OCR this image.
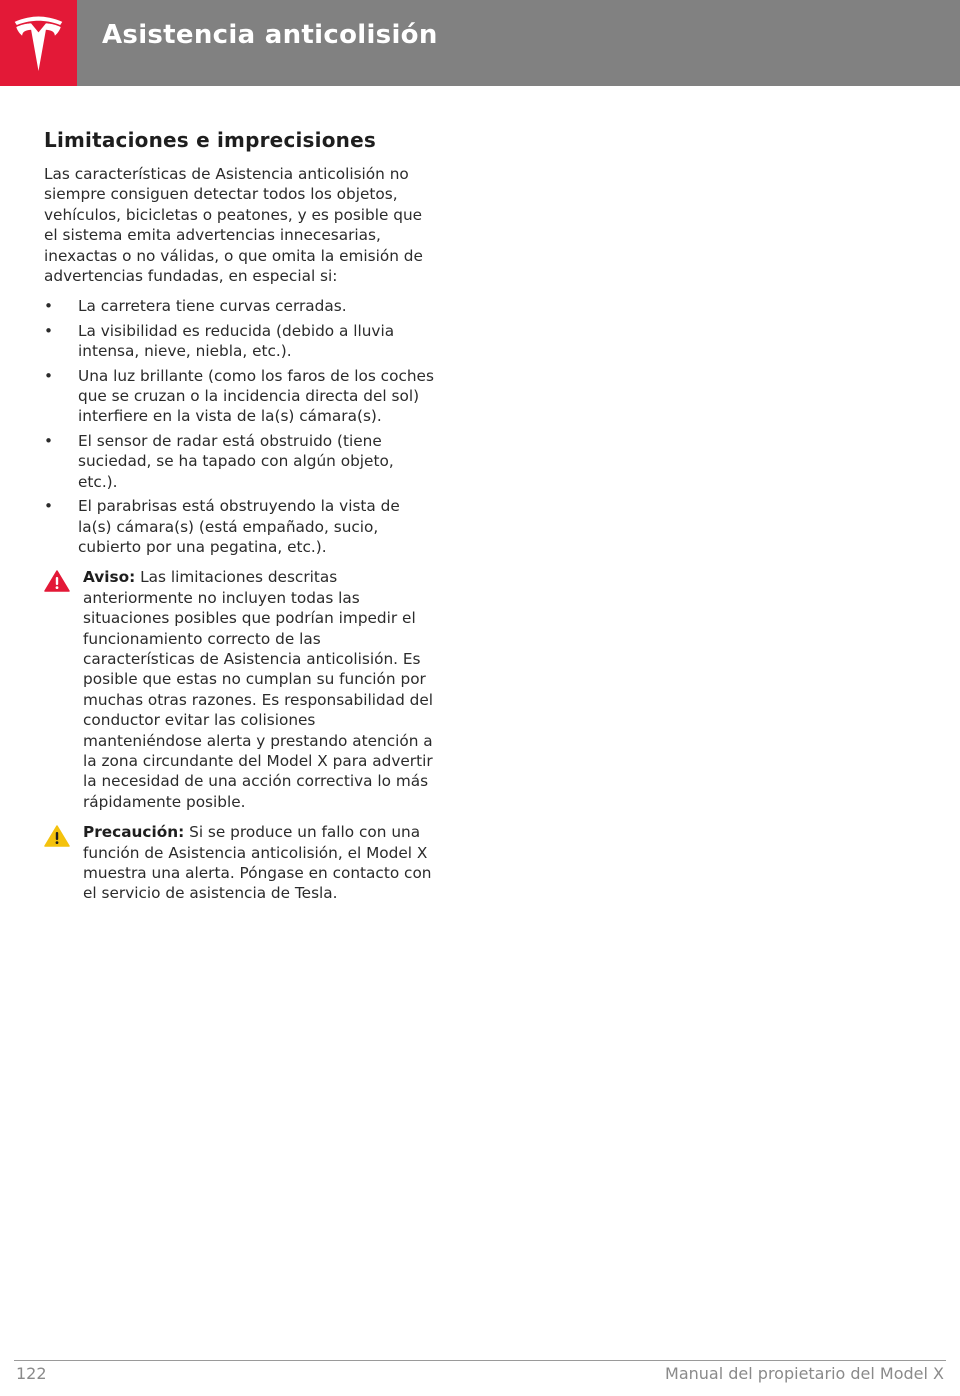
Asistencia anticolisión
Limitaciones e imprecisiones

Las características de Asistencia anticolisión no siempre consiguen detectar todos los objetos, vehículos, bicicletas o peatones, y es posible que el sistema emita advertencias innecesarias, inexactas o no válidas, o que omita la emisión de advertencias fundadas, en especial si:

• La carretera tiene curvas cerradas.
• La visibilidad es reducida (debido a lluvia intensa, nieve, niebla, etc.).
• Una luz brillante (como los faros de los coches que se cruzan o la incidencia directa del sol) interfiere en la vista de la(s) cámara(s).
• El sensor de radar está obstruido (tiene suciedad, se ha tapado con algún objeto, etc.).
• El parabrisas está obstruyendo la vista de la(s) cámara(s) (está empañado, sucio, cubierto por una pegatina, etc.).

Aviso: Las limitaciones descritas anteriormente no incluyen todas las situaciones posibles que podrían impedir el funcionamiento correcto de las características de Asistencia anticolisión. Es posible que estas no cumplan su función por muchas otras razones. Es responsabilidad del conductor evitar las colisiones manteniéndose alerta y prestando atención a la zona circundante del Model X para advertir la necesidad de una acción correctiva lo más rápidamente posible.

Precaución: Si se produce un fallo con una función de Asistencia anticolisión, el Model X muestra una alerta. Póngase en contacto con el servicio de asistencia de Tesla.

122	Manual del propietario del Model X
